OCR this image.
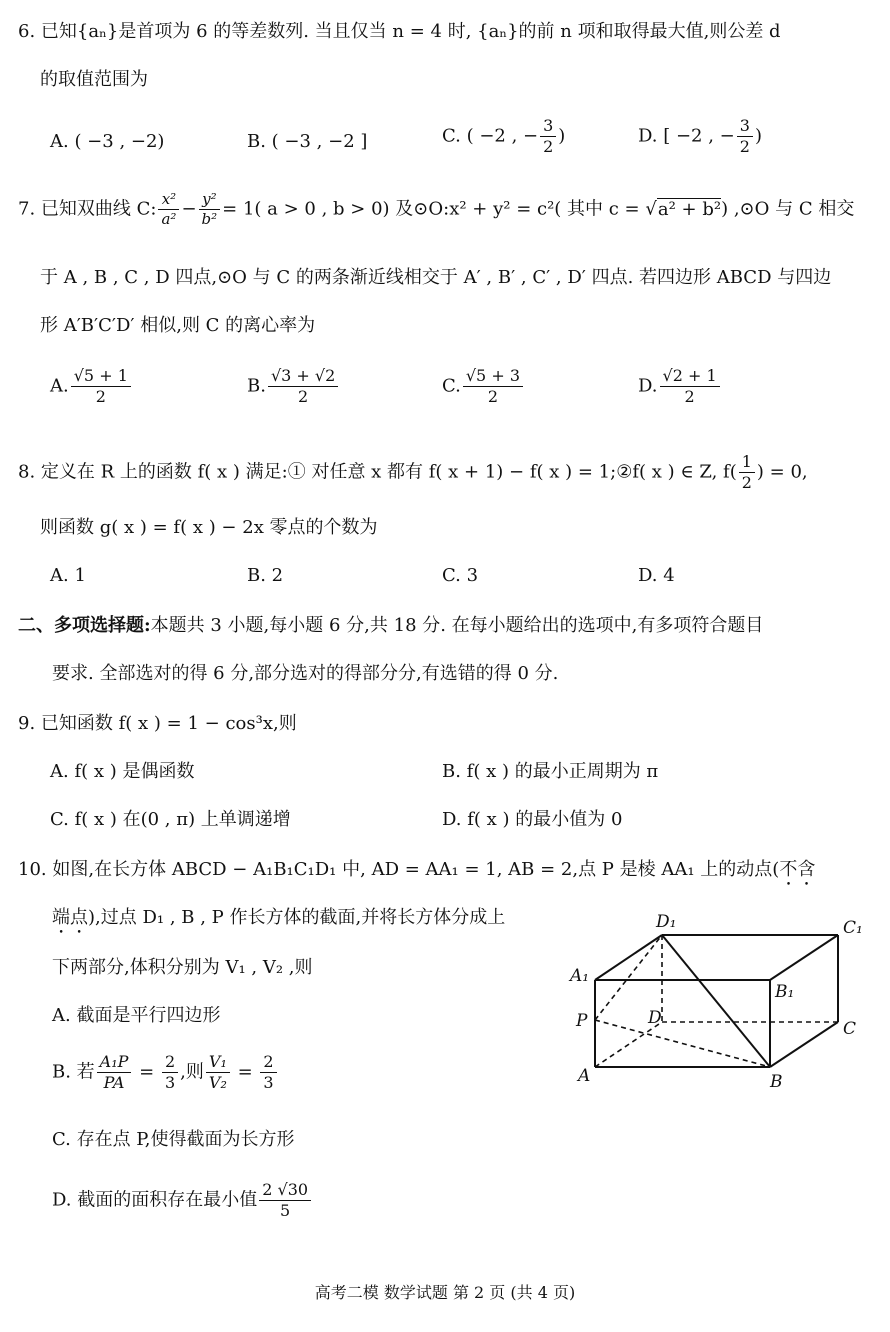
6. 已知{aₙ}是首项为 6 的等差数列. 当且仅当 n = 4 时, {aₙ}的前 n 项和取得最大值,则公差 d
的取值范围为
A. ( −3 , −2)	B. ( −3 , −2 ]	C. ( −2 , − $\frac{3}{2}$ )	D. [ −2 , − $\frac{3}{2}$ )
7. 已知双曲线 C: $\frac{\text{x²}}{\text{a²}} - \frac{\text{y²}}{\text{b²}} = 1$( a > 0 , b > 0) 及⊙O:x² + y² = c²( 其中 c = √a² + b²) ,⊙O 与 C 相交
于 A , B , C , D 四点,⊙O 与 C 的两条渐近线相交于 A′ , B′ , C′ , D′ 四点. 若四边形 ABCD 与四边
形 A′B′C′D′ 相似,则 C 的离心率为
A. $\frac{√5 + 1}{2}$	B. $\frac{√3 + √2}{2}$	C. $\frac{√5 + 3}{2}$	D. $\frac{√2 + 1}{2}$
8. 定义在 R 上的函数 f( x ) 满足:① 对任意 x 都有 f( x + 1) − f( x ) = 1;②f( x ) ∈ Z, $f( \frac{1}{2}$ ) = 0,
则函数 g( x ) = f( x ) − 2x 零点的个数为
A. 1	B. 2	C. 3	D. 4
二、多项选择题:本题共 3 小题,每小题 6 分,共 18 分. 在每小题给出的选项中,有多项符合题目
要求. 全部选对的得 6 分,部分选对的得部分分,有选错的得 0 分.
9. 已知函数 f( x ) = 1 − cos³x,则
A. f( x ) 是偶函数	B. f( x ) 的最小正周期为 π
C. f( x ) 在(0 , π) 上单调递增	D. f( x ) 的最小值为 0
10. 如图,在长方体 ABCD − A₁B₁C₁D₁ 中, AD = AA₁ = 1, AB = 2,点 P 是棱 AA₁ 上的动点(不含
端点),过点 D₁ , B , P 作长方体的截面,并将长方体分成上
下两部分,体积分别为 V₁ , V₂ ,则
A. 截面是平行四边形
B. 若 $\frac{\text{A₁P}}{PA} = \frac{2}{3}$ ,则 $\frac{\text{V₁}}{\text{V₂}} = \frac{2}{3}$
C. 存在点 P,使得截面为长方形
D. 截面的面积存在最小值 $\frac{2 √30}{5}$
D₁	C₁
A₁
B₁
P	D
C
A	B
高考二模 数学试题 第 2 页 (共 4 页)
